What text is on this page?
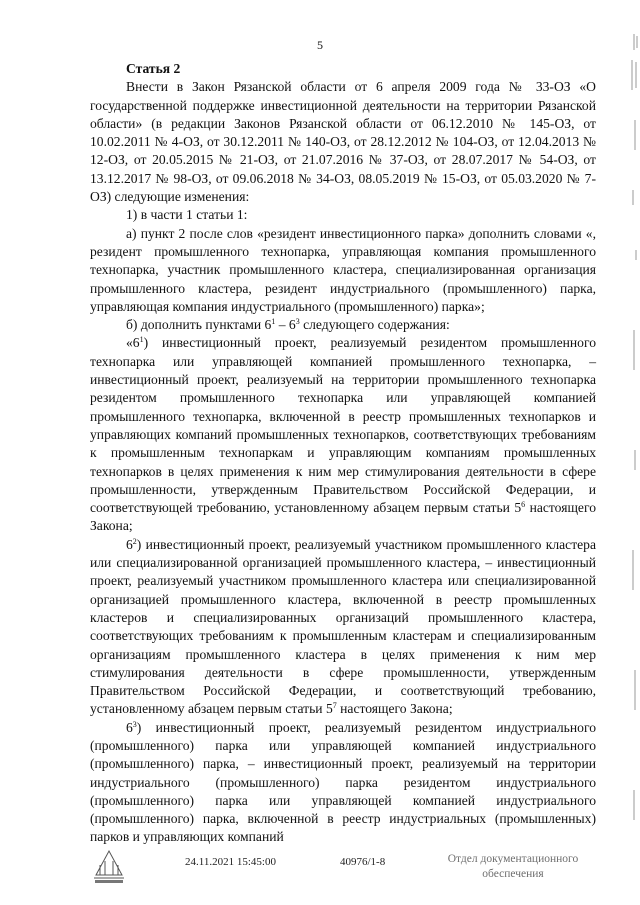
5
Статья 2

Внести в Закон Рязанской области от 6 апреля 2009 года № 33-ОЗ «О государственной поддержке инвестиционной деятельности на территории Рязанской области» (в редакции Законов Рязанской области от 06.12.2010 № 145-ОЗ, от 10.02.2011 № 4-ОЗ, от 30.12.2011 № 140-ОЗ, от 28.12.2012 № 104-ОЗ, от 12.04.2013 № 12-ОЗ, от 20.05.2015 № 21-ОЗ, от 21.07.2016 № 37-ОЗ, от 28.07.2017 № 54-ОЗ, от 13.12.2017 № 98-ОЗ, от 09.06.2018 № 34-ОЗ, 08.05.2019 № 15-ОЗ, от 05.03.2020 № 7-ОЗ) следующие изменения:

1) в части 1 статьи 1:

а) пункт 2 после слов «резидент инвестиционного парка» дополнить словами «, резидент промышленного технопарка, управляющая компания промышленного технопарка, участник промышленного кластера, специализированная организация промышленного кластера, резидент индустриального (промышленного) парка, управляющая компания индустриального (промышленного) парка»;

б) дополнить пунктами $6^1 - 6^3$ следующего содержания:

«$6^1$) инвестиционный проект, реализуемый резидентом промышленного технопарка или управляющей компанией промышленного технопарка, – инвестиционный проект, реализуемый на территории промышленного технопарка резидентом промышленного технопарка или управляющей компанией промышленного технопарка, включенной в реестр промышленных технопарков и управляющих компаний промышленных технопарков, соответствующих требованиям к промышленным технопаркам и управляющим компаниям промышленных технопарков в целях применения к ним мер стимулирования деятельности в сфере промышленности, утвержденным Правительством Российской Федерации, и соответствующей требованию, установленному абзацем первым статьи $5^6$ настоящего Закона;

$6^2$) инвестиционный проект, реализуемый участником промышленного кластера или специализированной организацией промышленного кластера, – инвестиционный проект, реализуемый участником промышленного кластера или специализированной организацией промышленного кластера, включенной в реестр промышленных кластеров и специализированных организаций промышленного кластера, соответствующих требованиям к промышленным кластерам и специализированным организациям промышленного кластера в целях применения к ним мер стимулирования деятельности в сфере промышленности, утвержденным Правительством Российской Федерации, и соответствующий требованию, установленному абзацем первым статьи $5^7$ настоящего Закона;

$6^3$) инвестиционный проект, реализуемый резидентом индустриального (промышленного) парка или управляющей компанией индустриального (промышленного) парка, – инвестиционный проект, реализуемый на территории индустриального (промышленного) парка резидентом индустриального (промышленного) парка или управляющей компанией индустриального (промышленного) парка, включенной в реестр индустриальных (промышленных) парков и управляющих компаний

24.11.2021 15:45:00	40976/1-8	Отдел документационного
обеспечения
